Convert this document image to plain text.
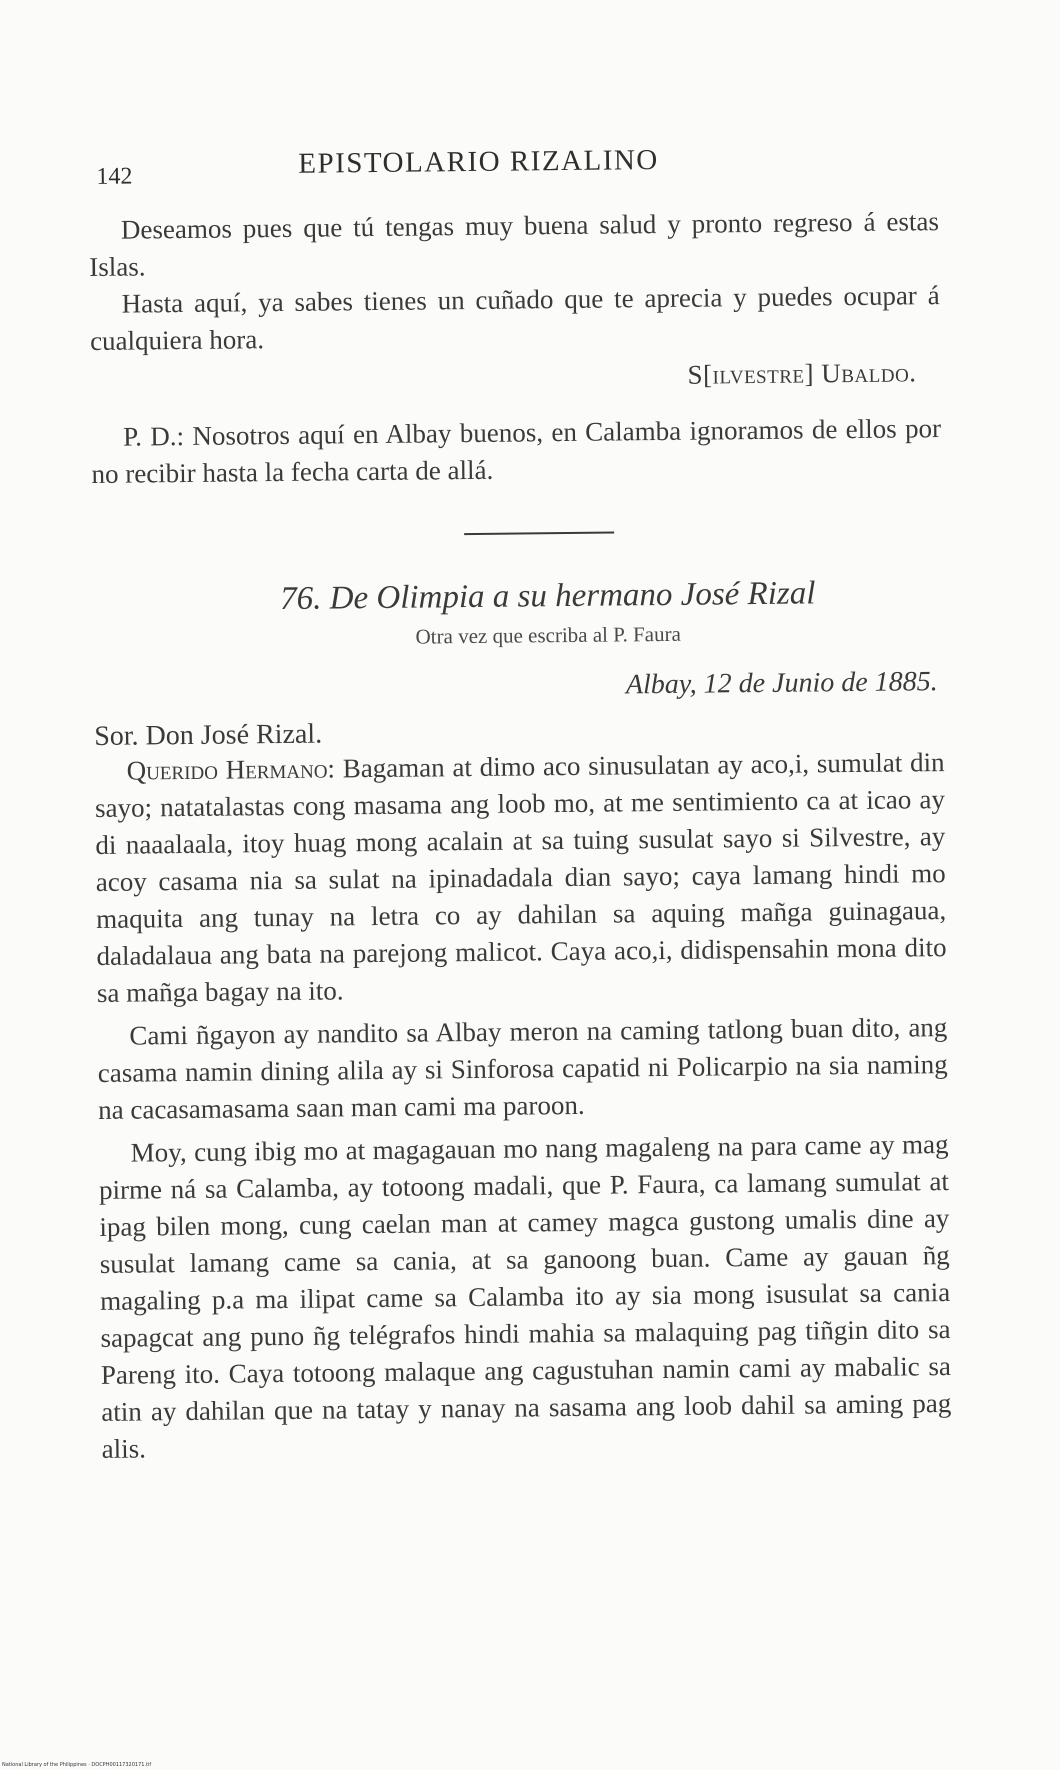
142	EPISTOLARIO RIZALINO

Deseamos pues que tú tengas muy buena salud y pronto regreso á estas Islas.

Hasta aquí, ya sabes tienes un cuñado que te aprecia y puedes ocupar á cualquiera hora.

S[ilvestre] Ubaldo.

P. D.: Nosotros aquí en Albay buenos, en Calamba ignoramos de ellos por no recibir hasta la fecha carta de allá.

76. De Olimpia a su hermano José Rizal
Otra vez que escriba al P. Faura
Albay, 12 de Junio de 1885.
Sor. Don José Rizal.

Querido Hermano: Bagaman at dimo aco sinusulatan ay aco,i, sumulat din sayo; natatalastas cong masama ang loob mo, at me sentimiento ca at icao ay di naaalaala, itoy huag mong acalain at sa tuing susulat sayo si Silvestre, ay acoy casama nia sa sulat na ipinadadala dian sayo; caya lamang hindi mo maquita ang tunay na letra co ay dahilan sa aquing mañga guinagaua, daladalaua ang bata na parejong malicot. Caya aco,i, didispensahin mona dito sa mañga bagay na ito.

Cami ñgayon ay nandito sa Albay meron na caming tatlong buan dito, ang casama namin dining alila ay si Sinforosa capatid ni Policarpio na sia naming na cacasamasama saan man cami ma paroon.

Moy, cung ibig mo at magagauan mo nang magaleng na para came ay mag pirme ná sa Calamba, ay totoong madali, que P. Faura, ca lamang sumulat at ipag bilen mong, cung caelan man at camey magca gustong umalis dine ay susulat lamang came sa cania, at sa ganoong buan. Came ay gauan ñg magaling p.a ma ilipat came sa Calamba ito ay sia mong isusulat sa cania sapagcat ang puno ñg telégrafos hindi mahia sa malaquing pag tiñgin dito sa Pareng ito. Caya totoong malaque ang cagustuhan namin cami ay mabalic sa atin ay dahilan que na tatay y nanay na sasama ang loob dahil sa aming pag alis.

National Library of the Philippines · DOCPH00117320171.tif
